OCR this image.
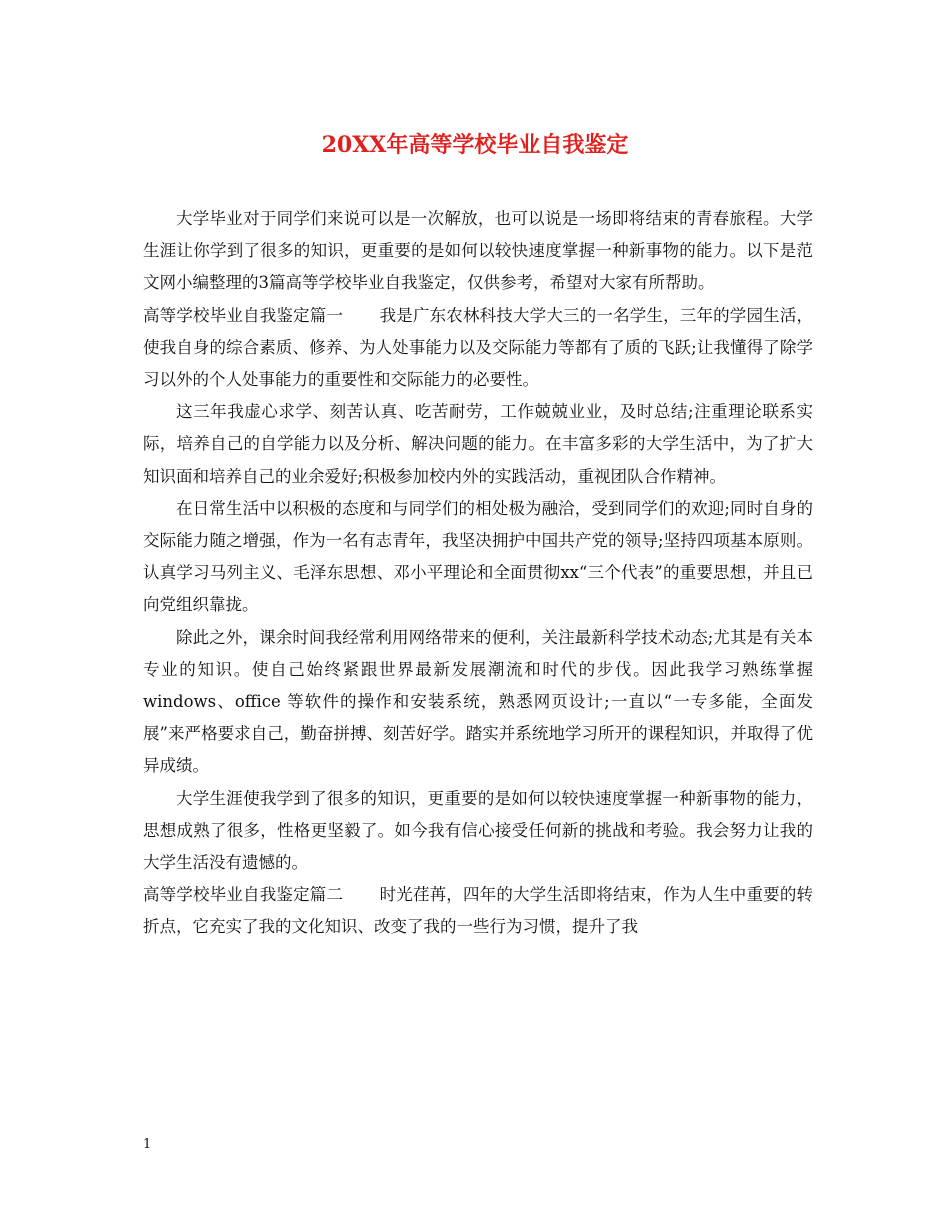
20XX年高等学校毕业自我鉴定

大学毕业对于同学们来说可以是一次解放，也可以说是一场即将结束的青春旅程。大学生涯让你学到了很多的知识，更重要的是如何以较快速度掌握一种新事物的能力。以下是范文网小编整理的3篇高等学校毕业自我鉴定，仅供参考，希望对大家有所帮助。

高等学校毕业自我鉴定篇一 我是广东农林科技大学大三的一名学生，三年的学园生活，使我自身的综合素质、修养、为人处事能力以及交际能力等都有了质的飞跃;让我懂得了除学习以外的个人处事能力的重要性和交际能力的必要性。

这三年我虚心求学、刻苦认真、吃苦耐劳，工作兢兢业业，及时总结;注重理论联系实际，培养自己的自学能力以及分析、解决问题的能力。在丰富多彩的大学生活中，为了扩大知识面和培养自己的业余爱好;积极参加校内外的实践活动，重视团队合作精神。

在日常生活中以积极的态度和与同学们的相处极为融洽，受到同学们的欢迎;同时自身的交际能力随之增强，作为一名有志青年，我坚决拥护中国共产党的领导;坚持四项基本原则。认真学习马列主义、毛泽东思想、邓小平理论和全面贯彻xx“三个代表”的重要思想，并且已向党组织靠拢。

除此之外，课余时间我经常利用网络带来的便利，关注最新科学技术动态;尤其是有关本专业的知识。使自己始终紧跟世界最新发展潮流和时代的步伐。因此我学习熟练掌握windows、office 等软件的操作和安装系统，熟悉网页设计;一直以“一专多能，全面发展”来严格要求自己，勤奋拼搏、刻苦好学。踏实并系统地学习所开的课程知识，并取得了优异成绩。

大学生涯使我学到了很多的知识，更重要的是如何以较快速度掌握一种新事物的能力，思想成熟了很多，性格更坚毅了。如今我有信心接受任何新的挑战和考验。我会努力让我的大学生活没有遗憾的。

高等学校毕业自我鉴定篇二 时光荏苒，四年的大学生活即将结束，作为人生中重要的转折点，它充实了我的文化知识、改变了我的一些行为习惯，提升了我

1
